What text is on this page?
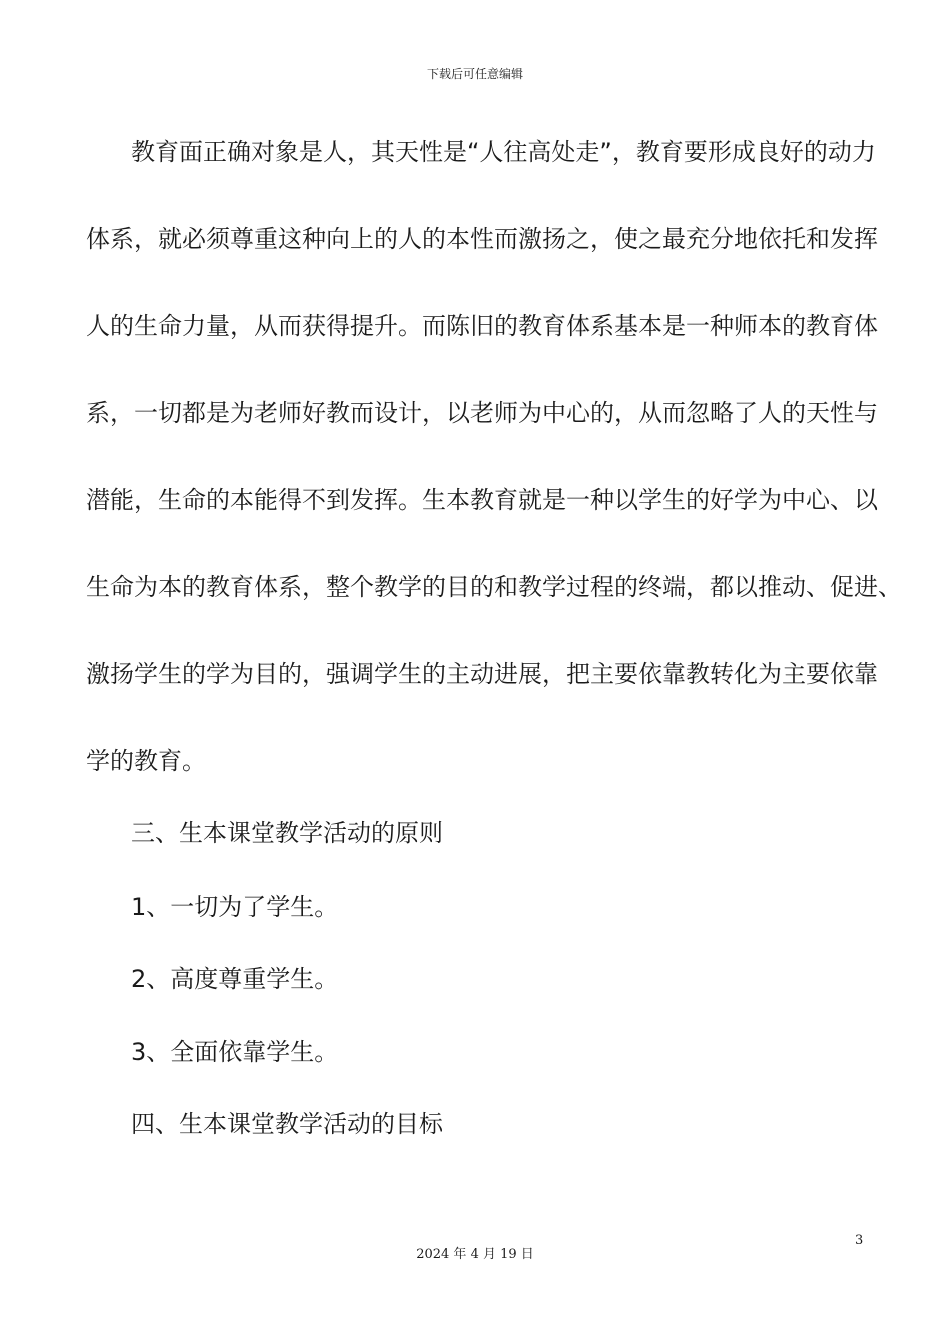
下载后可任意编辑
教育面正确对象是人，其天性是“人往高处走”，教育要形成良好的动力
体系，就必须尊重这种向上的人的本性而激扬之，使之最充分地依托和发挥
人的生命力量，从而获得提升。而陈旧的教育体系基本是一种师本的教育体
系，一切都是为老师好教而设计，以老师为中心的，从而忽略了人的天性与
潜能，生命的本能得不到发挥。生本教育就是一种以学生的好学为中心、以
生命为本的教育体系，整个教学的目的和教学过程的终端，都以推动、促进、
激扬学生的学为目的，强调学生的主动进展，把主要依靠教转化为主要依靠
学的教育。
三、生本课堂教学活动的原则
1、一切为了学生。
2、高度尊重学生。
3、全面依靠学生。
四、生本课堂教学活动的目标
3
2024 年 4 月 19 日
